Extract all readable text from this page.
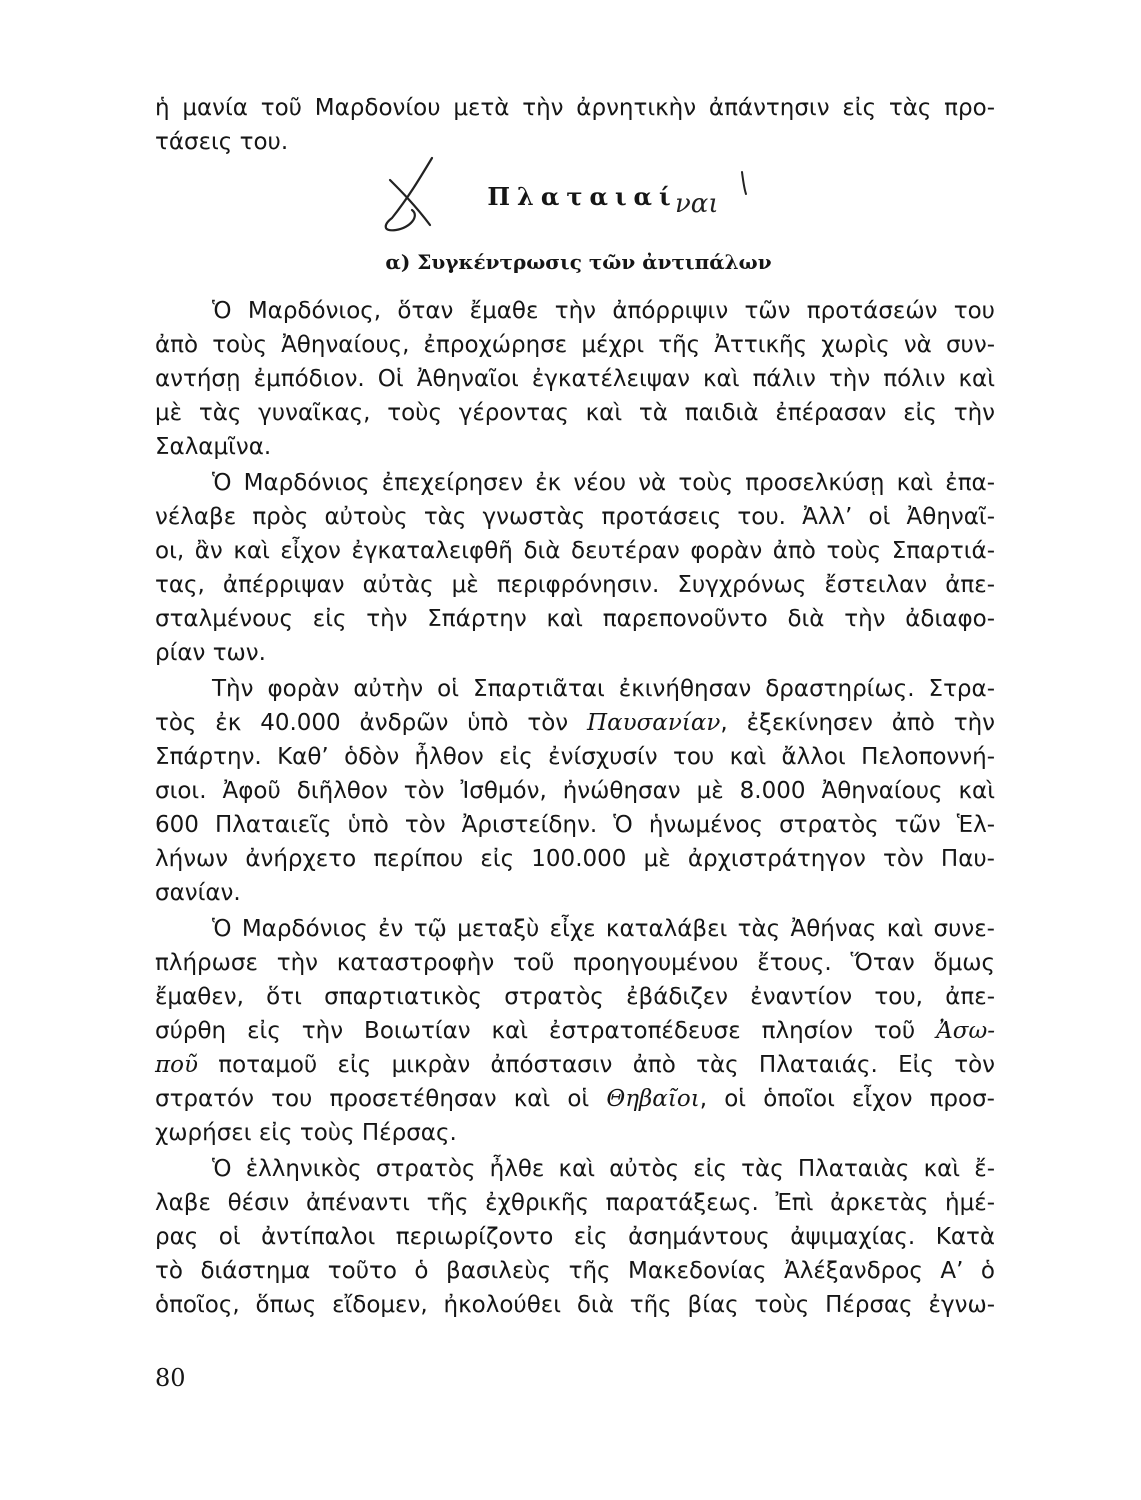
ἡ μανία τοῦ Μαρδονίου μετὰ τὴν ἀρνητικὴν ἀπάντησιν εἰς τὰς προ-
τάσεις του.
ναι
Πλαταιαί
α) Συγκέντρωσις τῶν ἀντιπάλων
Ὁ Μαρδόνιος, ὅταν ἔμαθε τὴν ἀπόρριψιν τῶν προτάσεών του
ἀπὸ τοὺς Ἀθηναίους, ἐπροχώρησε μέχρι τῆς Ἀττικῆς χωρὶς νὰ συν-
αντήσῃ ἐμπόδιον. Οἱ Ἀθηναῖοι ἐγκατέλειψαν καὶ πάλιν τὴν πόλιν καὶ
μὲ τὰς γυναῖκας, τοὺς γέροντας καὶ τὰ παιδιὰ ἐπέρασαν εἰς τὴν
Σαλαμῖνα.
Ὁ Μαρδόνιος ἐπεχείρησεν ἐκ νέου νὰ τοὺς προσελκύσῃ καὶ ἐπα-
νέλαβε πρὸς αὐτοὺς τὰς γνωστὰς προτάσεις του. Ἀλλ’ οἱ Ἀθηναῖ-
οι, ἂν καὶ εἶχον ἐγκαταλειφθῆ διὰ δευτέραν φορὰν ἀπὸ τοὺς Σπαρτιά-
τας, ἀπέρριψαν αὐτὰς μὲ περιφρόνησιν. Συγχρόνως ἔστειλαν ἀπε-
σταλμένους εἰς τὴν Σπάρτην καὶ παρεπονοῦντο διὰ τὴν ἀδιαφο-
ρίαν των.
Τὴν φορὰν αὐτὴν οἱ Σπαρτιᾶται ἐκινήθησαν δραστηρίως. Στρα-
τὸς ἐκ 40.000 ἀνδρῶν ὑπὸ τὸν Παυσανίαν, ἐξεκίνησεν ἀπὸ τὴν
Σπάρτην. Καθ’ ὁδὸν ἦλθον εἰς ἐνίσχυσίν του καὶ ἄλλοι Πελοποννή-
σιοι. Ἀφοῦ διῆλθον τὸν Ἰσθμόν, ἠνώθησαν μὲ 8.000 Ἀθηναίους καὶ
600 Πλαταιεῖς ὑπὸ τὸν Ἀριστείδην. Ὁ ἡνωμένος στρατὸς τῶν Ἑλ-
λήνων ἀνήρχετο περίπου εἰς 100.000 μὲ ἀρχιστράτηγον τὸν Παυ-
σανίαν.
Ὁ Μαρδόνιος ἐν τῷ μεταξὺ εἶχε καταλάβει τὰς Ἀθήνας καὶ συνε-
πλήρωσε τὴν καταστροφὴν τοῦ προηγουμένου ἔτους. Ὅταν ὅμως
ἔμαθεν, ὅτι σπαρτιατικὸς στρατὸς ἐβάδιζεν ἐναντίον του, ἀπε-
σύρθη εἰς τὴν Βοιωτίαν καὶ ἐστρατοπέδευσε πλησίον τοῦ Ἀσω-
ποῦ ποταμοῦ εἰς μικρὰν ἀπόστασιν ἀπὸ τὰς Πλαταιάς. Εἰς τὸν
στρατόν του προσετέθησαν καὶ οἱ Θηβαῖοι, οἱ ὁποῖοι εἶχον προσ-
χωρήσει εἰς τοὺς Πέρσας.
Ὁ ἑλληνικὸς στρατὸς ἦλθε καὶ αὐτὸς εἰς τὰς Πλαταιὰς καὶ ἔ-
λαβε θέσιν ἀπέναντι τῆς ἐχθρικῆς παρατάξεως. Ἐπὶ ἀρκετὰς ἡμέ-
ρας οἱ ἀντίπαλοι περιωρίζοντο εἰς ἀσημάντους ἀψιμαχίας. Κατὰ
τὸ διάστημα τοῦτο ὁ βασιλεὺς τῆς Μακεδονίας Ἀλέξανδρος Α’ ὁ
ὁποῖος, ὅπως εἴδομεν, ἠκολούθει διὰ τῆς βίας τοὺς Πέρσας ἐγνω-
80
